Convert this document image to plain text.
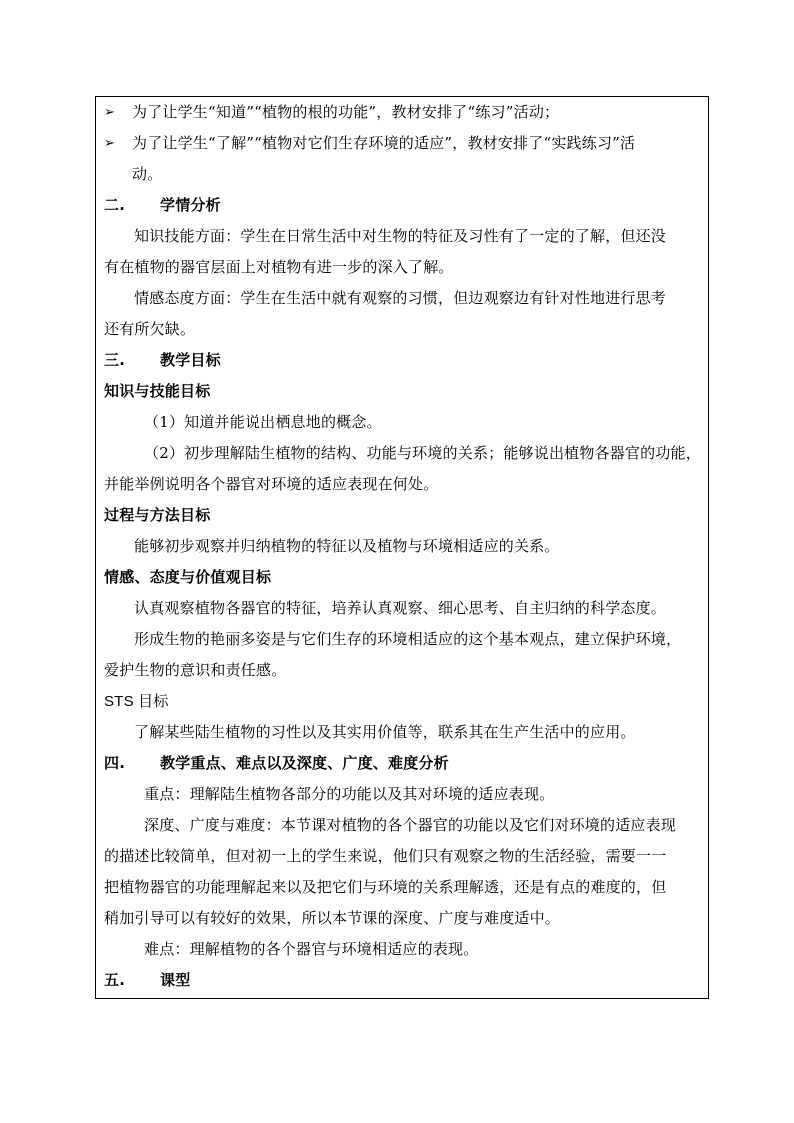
➢ 为了让学生“知道”“植物的根的功能”，教材安排了“练习”活动；
➢ 为了让学生“了解”“植物对它们生存环境的适应”，教材安排了“实践练习”活
动。
二. 学情分析
知识技能方面：学生在日常生活中对生物的特征及习性有了一定的了解，但还没
有在植物的器官层面上对植物有进一步的深入了解。
情感态度方面：学生在生活中就有观察的习惯，但边观察边有针对性地进行思考
还有所欠缺。
三. 教学目标
知识与技能目标
（1）知道并能说出栖息地的概念。
（2）初步理解陆生植物的结构、功能与环境的关系；能够说出植物各器官的功能，
并能举例说明各个器官对环境的适应表现在何处。
过程与方法目标
能够初步观察并归纳植物的特征以及植物与环境相适应的关系。
情感、态度与价值观目标
认真观察植物各器官的特征，培养认真观察、细心思考、自主归纳的科学态度。
形成生物的艳丽多姿是与它们生存的环境相适应的这个基本观点，建立保护环境，
爱护生物的意识和责任感。
STS 目标
了解某些陆生植物的习性以及其实用价值等，联系其在生产生活中的应用。
四. 教学重点、难点以及深度、广度、难度分析
重点：理解陆生植物各部分的功能以及其对环境的适应表现。
深度、广度与难度：本节课对植物的各个器官的功能以及它们对环境的适应表现
的描述比较简单，但对初一上的学生来说，他们只有观察之物的生活经验，需要一一
把植物器官的功能理解起来以及把它们与环境的关系理解透，还是有点的难度的，但
稍加引导可以有较好的效果，所以本节课的深度、广度与难度适中。
难点：理解植物的各个器官与环境相适应的表现。
五. 课型
